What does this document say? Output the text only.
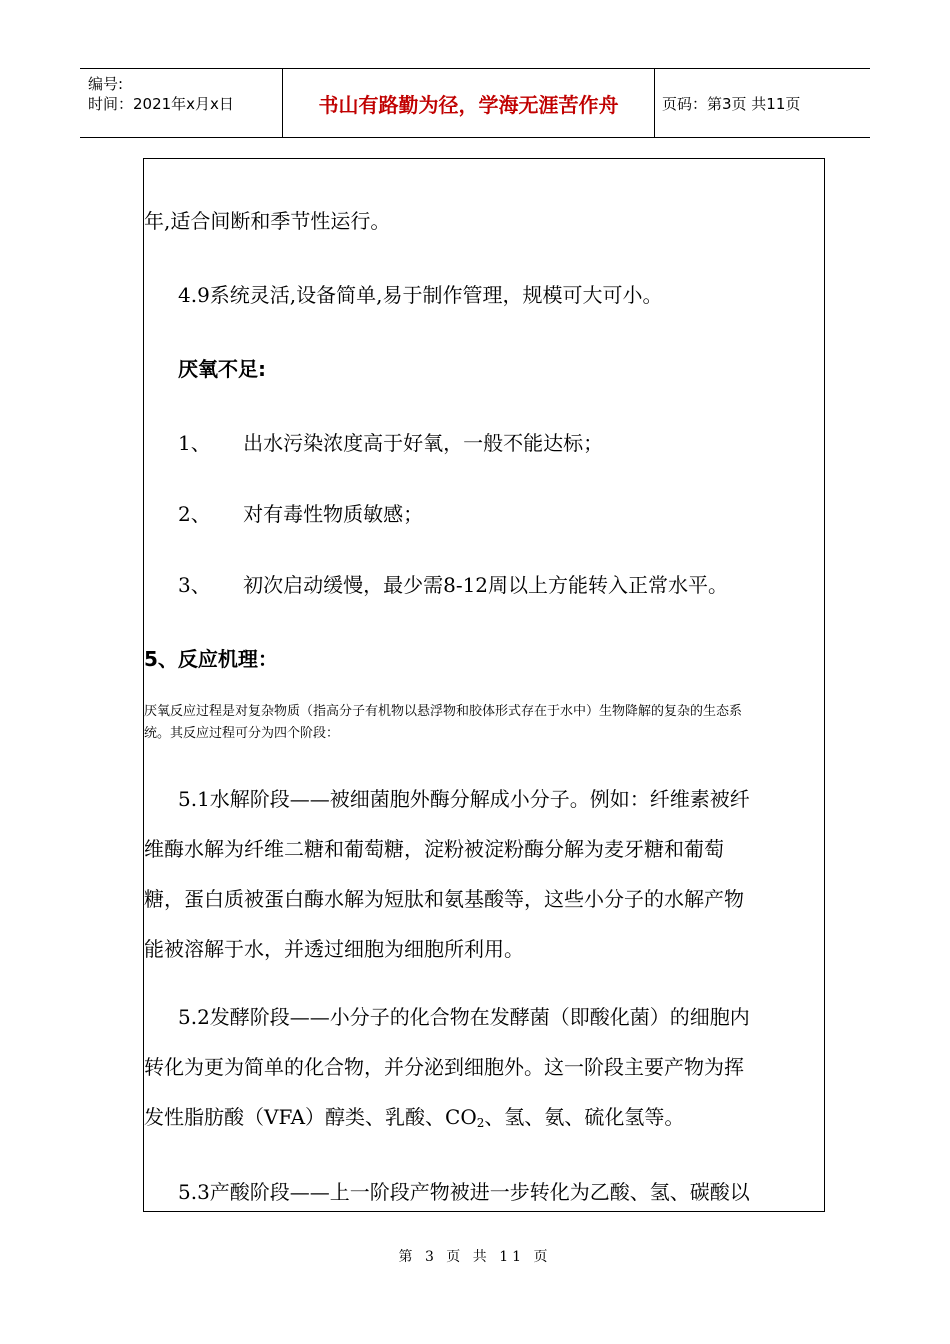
编号:
时间：2021年x月x日	书山有路勤为径，学海无涯苦作舟	页码：第3页 共11页
年,适合间断和季节性运行。
4.9系统灵活,设备简单,易于制作管理，规模可大可小。
厌氧不足:
1、 出水污染浓度高于好氧，一般不能达标；
2、 对有毒性物质敏感；
3、 初次启动缓慢，最少需8-12周以上方能转入正常水平。
5、反应机理：
厌氧反应过程是对复杂物质（指高分子有机物以悬浮物和胶体形式存在于水中）生物降解的复杂的生态系
统。其反应过程可分为四个阶段：
5.1水解阶段——被细菌胞外酶分解成小分子。例如：纤维素被纤
维酶水解为纤维二糖和葡萄糖，淀粉被淀粉酶分解为麦牙糖和葡萄
糖，蛋白质被蛋白酶水解为短肽和氨基酸等，这些小分子的水解产物
能被溶解于水，并透过细胞为细胞所利用。
5.2发酵阶段——小分子的化合物在发酵菌（即酸化菌）的细胞内
转化为更为简单的化合物，并分泌到细胞外。这一阶段主要产物为挥
发性脂肪酸（VFA）醇类、乳酸、$CO_2$、氢、氨、硫化氢等。
5.3产酸阶段——上一阶段产物被进一步转化为乙酸、氢、碳酸以
第 3 页 共 11 页
